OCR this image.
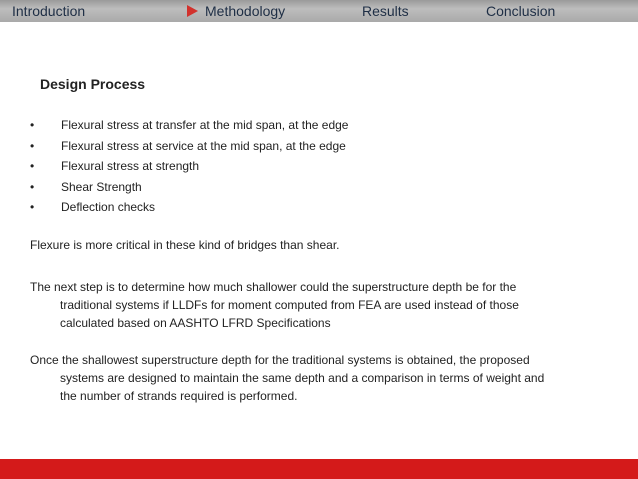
Introduction	Methodology	Results	Conclusion
Design Process
• Flexural stress at transfer at the mid span, at the edge
• Flexural stress at service at the mid span, at the edge
• Flexural stress at strength
• Shear Strength
• Deflection checks
Flexure is more critical in these kind of bridges than shear.
The next step is to determine how much shallower could the superstructure depth be for the
traditional systems if LLDFs for moment computed from FEA are used instead of those
calculated based on AASHTO LFRD Specifications
Once the shallowest superstructure depth for the traditional systems is obtained, the proposed
systems are designed to maintain the same depth and a comparison in terms of weight and
the number of strands required is performed.
